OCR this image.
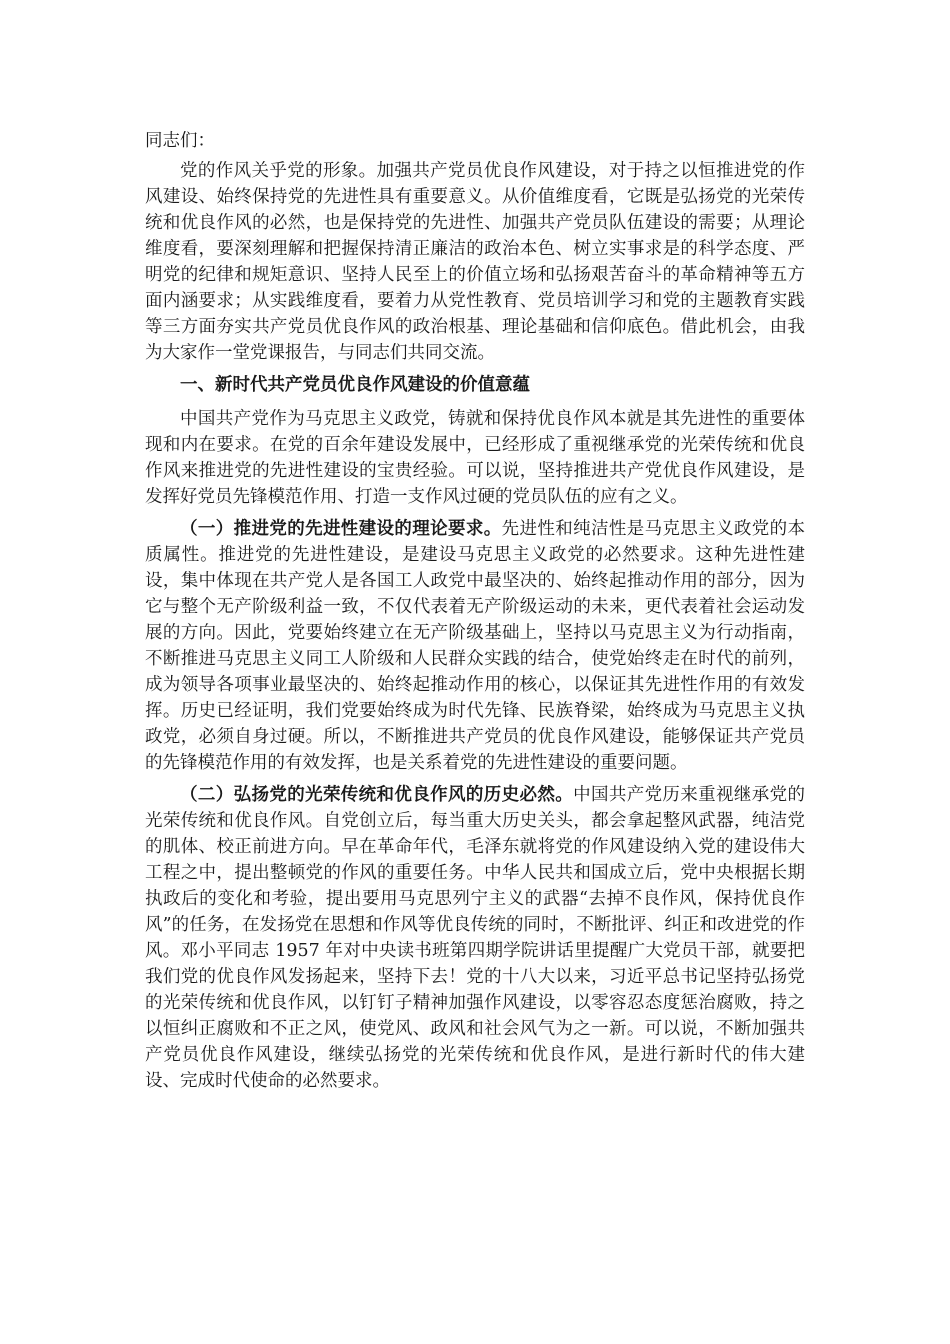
同志们：

党的作风关乎党的形象。加强共产党员优良作风建设，对于持之以恒推进党的作风建设、始终保持党的先进性具有重要意义。从价值维度看，它既是弘扬党的光荣传统和优良作风的必然，也是保持党的先进性、加强共产党员队伍建设的需要；从理论维度看，要深刻理解和把握保持清正廉洁的政治本色、树立实事求是的科学态度、严明党的纪律和规矩意识、坚持人民至上的价值立场和弘扬艰苦奋斗的革命精神等五方面内涵要求；从实践维度看，要着力从党性教育、党员培训学习和党的主题教育实践等三方面夯实共产党员优良作风的政治根基、理论基础和信仰底色。借此机会，由我为大家作一堂党课报告，与同志们共同交流。

一、新时代共产党员优良作风建设的价值意蕴

中国共产党作为马克思主义政党，铸就和保持优良作风本就是其先进性的重要体现和内在要求。在党的百余年建设发展中，已经形成了重视继承党的光荣传统和优良作风来推进党的先进性建设的宝贵经验。可以说，坚持推进共产党优良作风建设，是发挥好党员先锋模范作用、打造一支作风过硬的党员队伍的应有之义。

（一）推进党的先进性建设的理论要求。先进性和纯洁性是马克思主义政党的本质属性。推进党的先进性建设，是建设马克思主义政党的必然要求。这种先进性建设，集中体现在共产党人是各国工人政党中最坚决的、始终起推动作用的部分，因为它与整个无产阶级利益一致，不仅代表着无产阶级运动的未来，更代表着社会运动发展的方向。因此，党要始终建立在无产阶级基础上，坚持以马克思主义为行动指南，不断推进马克思主义同工人阶级和人民群众实践的结合，使党始终走在时代的前列，成为领导各项事业最坚决的、始终起推动作用的核心，以保证其先进性作用的有效发挥。历史已经证明，我们党要始终成为时代先锋、民族脊梁，始终成为马克思主义执政党，必须自身过硬。所以，不断推进共产党员的优良作风建设，能够保证共产党员的先锋模范作用的有效发挥，也是关系着党的先进性建设的重要问题。

（二）弘扬党的光荣传统和优良作风的历史必然。中国共产党历来重视继承党的光荣传统和优良作风。自党创立后，每当重大历史关头，都会拿起整风武器，纯洁党的肌体、校正前进方向。早在革命年代，毛泽东就将党的作风建设纳入党的建设伟大工程之中，提出整顿党的作风的重要任务。中华人民共和国成立后，党中央根据长期执政后的变化和考验，提出要用马克思列宁主义的武器“去掉不良作风，保持优良作风”的任务，在发扬党在思想和作风等优良传统的同时，不断批评、纠正和改进党的作风。邓小平同志 1957 年对中央读书班第四期学院讲话里提醒广大党员干部，就要把我们党的优良作风发扬起来，坚持下去！党的十八大以来，习近平总书记坚持弘扬党的光荣传统和优良作风，以钉钉子精神加强作风建设，以零容忍态度惩治腐败，持之以恒纠正腐败和不正之风，使党风、政风和社会风气为之一新。可以说，不断加强共产党员优良作风建设，继续弘扬党的光荣传统和优良作风，是进行新时代的伟大建设、完成时代使命的必然要求。
